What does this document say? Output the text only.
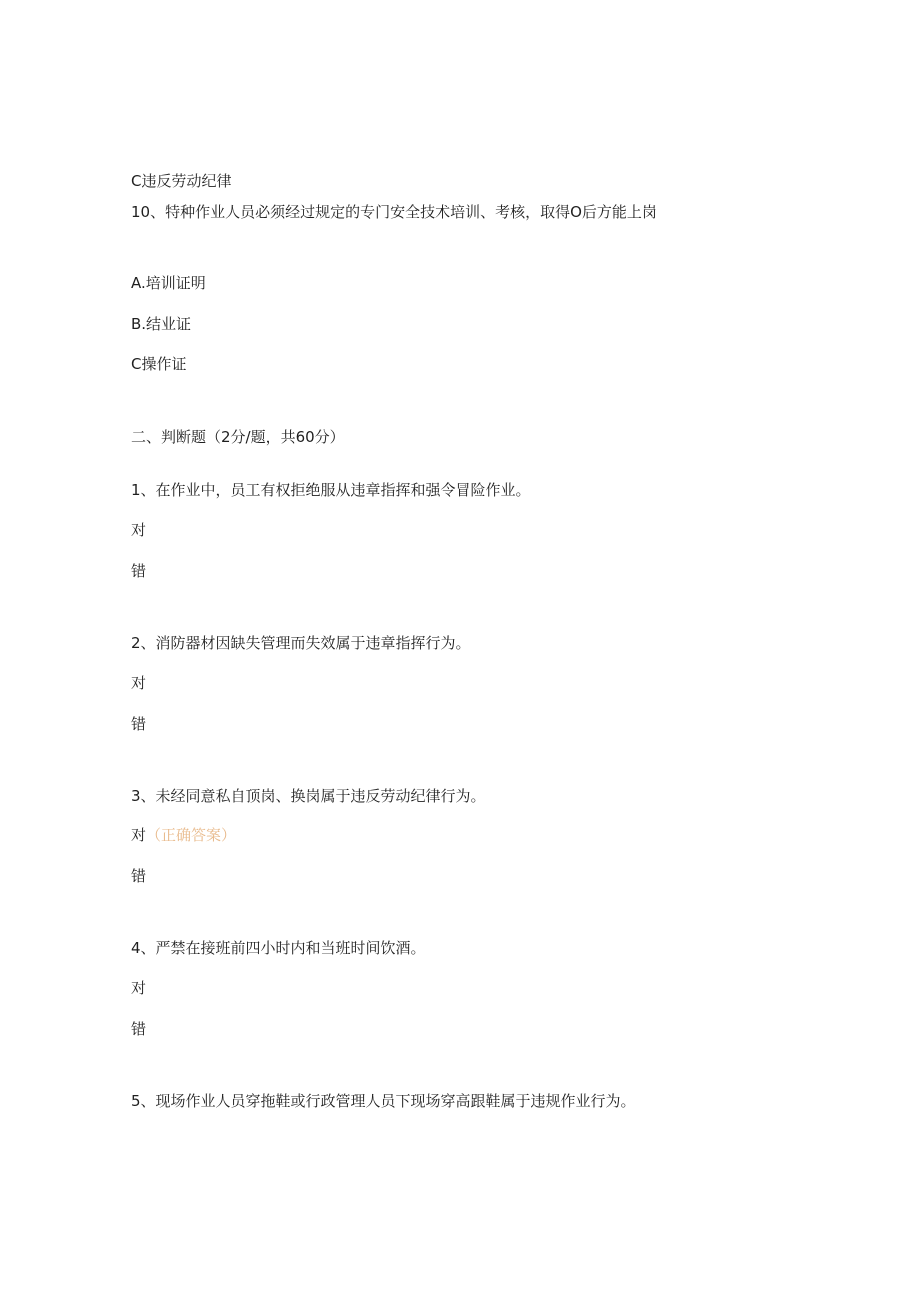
C违反劳动纪律
10、特种作业人员必须经过规定的专门安全技术培训、考核，取得O后方能上岗
A.培训证明
B.结业证
C操作证
二、判断题（2分/题，共60分）
1、在作业中，员工有权拒绝服从违章指挥和强令冒险作业。
对
错
2、消防器材因缺失管理而失效属于违章指挥行为。
对
错
3、未经同意私自顶岗、换岗属于违反劳动纪律行为。
对（正确答案）
错
4、严禁在接班前四小时内和当班时间饮酒。
对
错
5、现场作业人员穿拖鞋或行政管理人员下现场穿高跟鞋属于违规作业行为。
